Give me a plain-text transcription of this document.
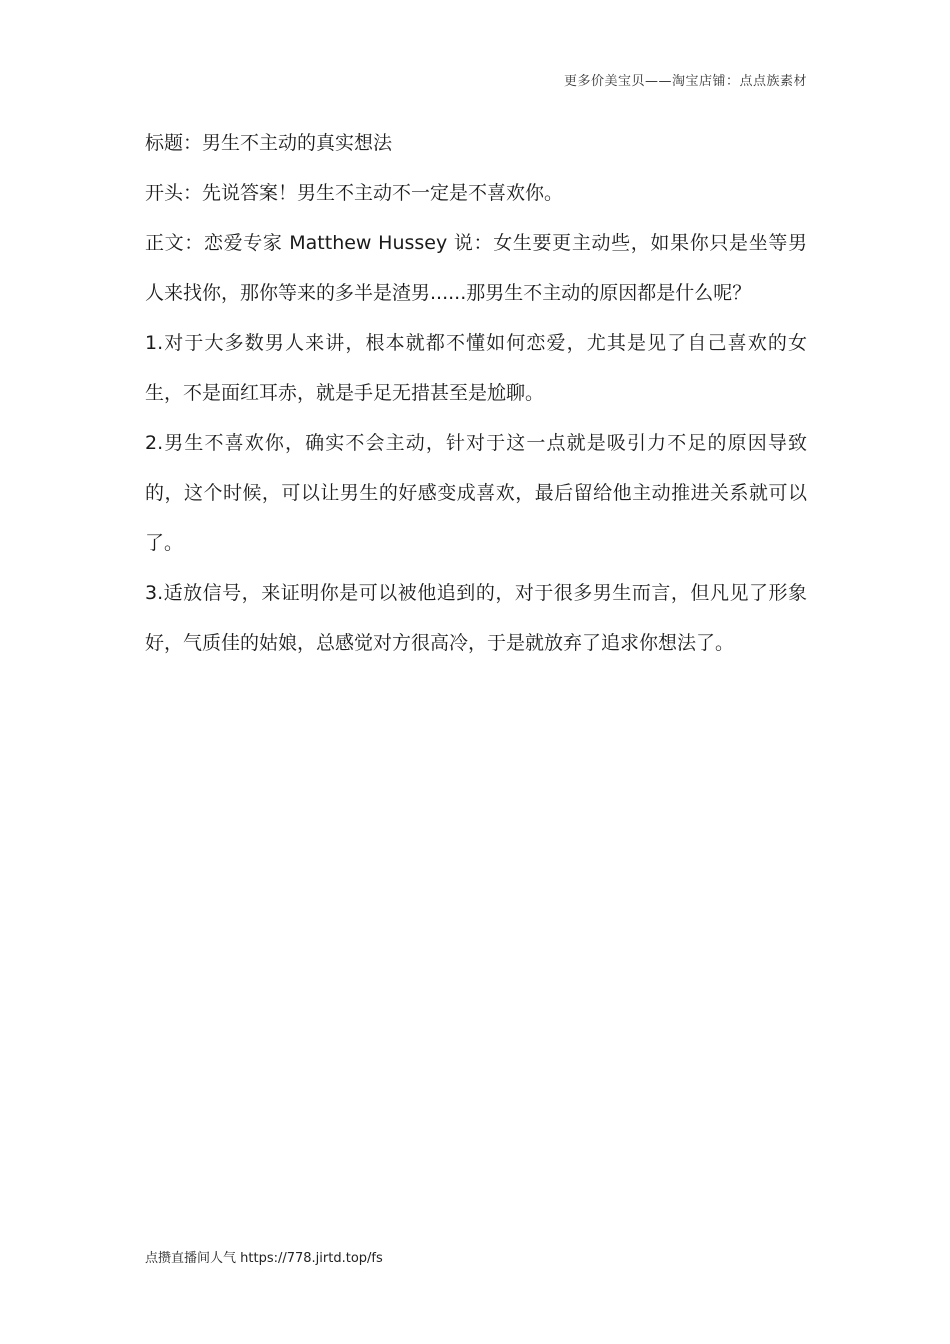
更多价美宝贝——淘宝店铺：点点族素材

标题：男生不主动的真实想法

开头：先说答案！男生不主动不一定是不喜欢你。

正文：恋爱专家 Matthew Hussey 说：女生要更主动些，如果你只是坐等男人来找你，那你等来的多半是渣男......那男生不主动的原因都是什么呢？

1.对于大多数男人来讲，根本就都不懂如何恋爱，尤其是见了自己喜欢的女生，不是面红耳赤，就是手足无措甚至是尬聊。

2.男生不喜欢你，确实不会主动，针对于这一点就是吸引力不足的原因导致的，这个时候，可以让男生的好感变成喜欢，最后留给他主动推进关系就可以了。

3.适放信号，来证明你是可以被他追到的，对于很多男生而言，但凡见了形象好，气质佳的姑娘，总感觉对方很高冷，于是就放弃了追求你想法了。

点攒直播间人气 https://778.jirtd.top/fs
